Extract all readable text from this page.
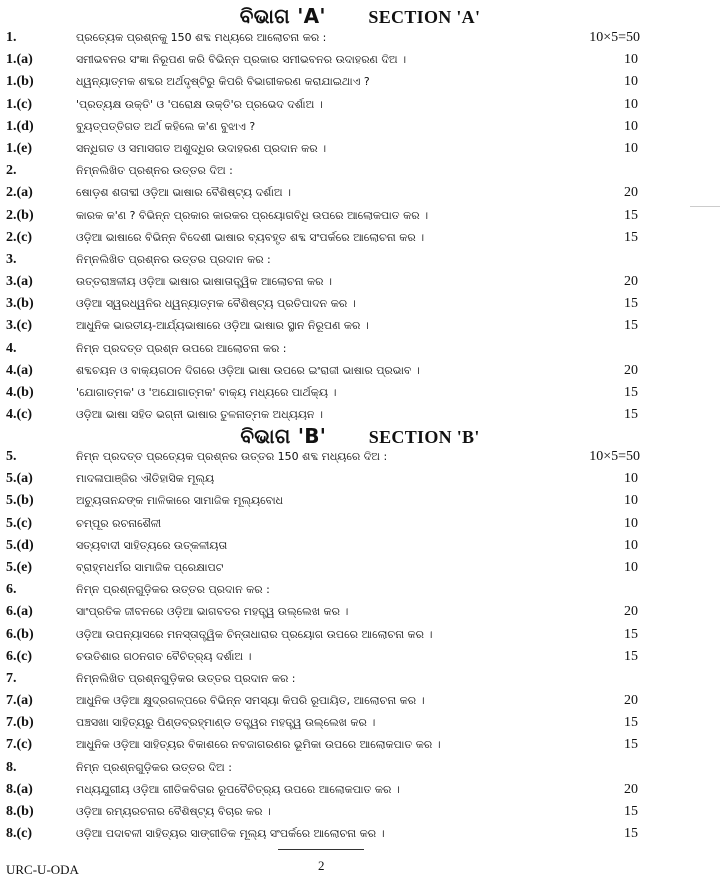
ବିଭାଗ 'A' SECTION 'A'
1.	ପ୍ରତ୍ୟେକ ପ୍ରଶ୍ନକୁ 150 ଶବ୍ଦ ମଧ୍ୟରେ ଆଲୋଚନା କର :	10×5=50
1.(a)	ସମୀଭବନର ସଂଜ୍ଞା ନିରୂପଣ କରି ବିଭିନ୍ନ ପ୍ରକାର ସମୀଭବନର ଉଦାହରଣ ଦିଅ ।	10
1.(b)	ଧ୍ୱନ୍ୟାତ୍ମକ ଶବ୍ଦର ଅର୍ଥଦୃଷ୍ଟିରୁ କିପରି ବିଭାଗୀକରଣ କରାଯାଇଥାଏ ?	10
1.(c)	'ପ୍ରତ୍ୟକ୍ଷ ଉକ୍ତି' ଓ 'ପରୋକ୍ଷ ଉକ୍ତି'ର ପ୍ରଭେଦ ଦର୍ଶାଅ ।	10
1.(d)	ବ୍ୟୁତ୍ପତ୍ତିଗତ ଅର୍ଥ କହିଲେ କ'ଣ ବୁଝାଏ ?	10
1.(e)	ସନ୍ଧିଗତ ଓ ସମାସଗତ ଅଶୁଦ୍ଧିର ଉଦାହରଣ ପ୍ରଦାନ କର ।	10
2.	ନିମ୍ନଲିଖିତ ପ୍ରଶ୍ନର ଉତ୍ତର ଦିଅ :
2.(a)	ଷୋଡ଼ଶ ଶତାବ୍ଦୀ ଓଡ଼ିଆ ଭାଷାର ବୈଶିଷ୍ଟ୍ୟ ଦର୍ଶାଅ ।	20
2.(b)	କାରକ କ'ଣ ? ବିଭିନ୍ନ ପ୍ରକାର କାରକର ପ୍ରୟୋଗବିଧି ଉପରେ ଆଲୋକପାତ କର ।	15
2.(c)	ଓଡ଼ିଆ ଭାଷାରେ ବିଭିନ୍ନ ବିଦେଶୀ ଭାଷାର ବ୍ୟବହୃତ ଶବ୍ଦ ସଂପର୍କରେ ଆଲୋଚନା କର ।	15
3.	ନିମ୍ନଲିଖିତ ପ୍ରଶ୍ନର ଉତ୍ତର ପ୍ରଦାନ କର :
3.(a)	ଉତ୍ତରାଞ୍ଚଳୀୟ ଓଡ଼ିଆ ଭାଷାର ଭାଷାତାତ୍ତ୍ୱିକ ଆଲୋଚନା କର ।	20
3.(b)	ଓଡ଼ିଆ ସ୍ୱରଧ୍ୱନିର ଧ୍ୱନ୍ୟାତ୍ମକ ବୈଶିଷ୍ଟ୍ୟ ପ୍ରତିପାଦନ କର ।	15
3.(c)	ଆଧୁନିକ ଭାରତୀୟ-ଆର୍ଯ୍ୟଭାଷାରେ ଓଡ଼ିଆ ଭାଷାର ସ୍ଥାନ ନିରୂପଣ କର ।	15
4.	ନିମ୍ନ ପ୍ରଦତ୍ତ ପ୍ରଶ୍ନ ଉପରେ ଆଲୋଚନା କର :
4.(a)	ଶବ୍ଦଚୟନ ଓ ବାକ୍ୟଗଠନ ଦିଗରେ ଓଡ଼ିଆ ଭାଷା ଉପରେ ଇଂରାଜୀ ଭାଷାର ପ୍ରଭାବ ।	20
4.(b)	'ଯୋଗାତ୍ମକ' ଓ 'ଅଯୋଗାତ୍ମକ' ବାକ୍ୟ ମଧ୍ୟରେ ପାର୍ଥକ୍ୟ ।	15
4.(c)	ଓଡ଼ିଆ ଭାଷା ସହିତ ଭଗ୍ନୀ ଭାଷାର ତୁଳନାତ୍ମକ ଅଧ୍ୟୟନ ।	15
ବିଭାଗ 'B' SECTION 'B'
5.	ନିମ୍ନ ପ୍ରଦତ୍ତ ପ୍ରତ୍ୟେକ ପ୍ରଶ୍ନର ଉତ୍ତର 150 ଶବ୍ଦ ମଧ୍ୟରେ ଦିଅ :	10×5=50
5.(a)	ମାଦଳାପାଞ୍ଜିର ଐତିହାସିକ ମୂଲ୍ୟ	10
5.(b)	ଅଚ୍ୟୁତାନନ୍ଦଙ୍କ ମାଳିକାରେ ସାମାଜିକ ମୂଲ୍ୟବୋଧ	10
5.(c)	ଚମ୍ପୂର ରଚନାଶୈଳୀ	10
5.(d)	ସତ୍ୟବାଦୀ ସାହିତ୍ୟରେ ଉତ୍କଳୀୟତା	10
5.(e)	ବ୍ରାହ୍ମଧର୍ମର ସାମାଜିକ ପ୍ରେକ୍ଷାପଟ	10
6.	ନିମ୍ନ ପ୍ରଶ୍ନଗୁଡ଼ିକର ଉତ୍ତର ପ୍ରଦାନ କର :
6.(a)	ସାଂପ୍ରତିକ ଜୀବନରେ ଓଡ଼ିଆ ଭାଗବତର ମହତ୍ତ୍ୱ ଉଲ୍ଲେଖ କର ।	20
6.(b)	ଓଡ଼ିଆ ଉପନ୍ୟାସରେ ମନସ୍ତାତ୍ତ୍ୱିକ ଚିନ୍ତାଧାରାର ପ୍ରୟୋଗ ଉପରେ ଆଲୋଚନା କର ।	15
6.(c)	ଚଉତିଶାର ଗଠନଗତ ବୈଚିତ୍ର୍ୟ ଦର୍ଶାଅ ।	15
7.	ନିମ୍ନଲିଖିତ ପ୍ରଶ୍ନଗୁଡ଼ିକର ଉତ୍ତର ପ୍ରଦାନ କର :
7.(a)	ଆଧୁନିକ ଓଡ଼ିଆ କ୍ଷୁଦ୍ରଗଳ୍ପରେ ବିଭିନ୍ନ ସମସ୍ୟା କିପରି ରୂପାୟିତ, ଆଲୋଚନା କର ।	20
7.(b)	ପଞ୍ଚସଖା ସାହିତ୍ୟରୁ ପିଣ୍ଡବ୍ରହ୍ମାଣ୍ଡ ତତ୍ତ୍ୱର ମହତ୍ତ୍ୱ ଉଲ୍ଲେଖ କର ।	15
7.(c)	ଆଧୁନିକ ଓଡ଼ିଆ ସାହିତ୍ୟର ବିକାଶରେ ନବଜାଗରଣର ଭୂମିକା ଉପରେ ଆଲୋକପାତ କର ।	15
8.	ନିମ୍ନ ପ୍ରଶ୍ନଗୁଡ଼ିକର ଉତ୍ତର ଦିଅ :
8.(a)	ମଧ୍ୟଯୁଗୀୟ ଓଡ଼ିଆ ଗୀତିକବିତାର ରୂପବୈଚିତ୍ର୍ୟ ଉପରେ ଆଲୋକପାତ କର ।	20
8.(b)	ଓଡ଼ିଆ ରମ୍ୟରଚନାର ବୈଶିଷ୍ଟ୍ୟ ବିଚାର କର ।	15
8.(c)	ଓଡ଼ିଆ ପଦାବଳୀ ସାହିତ୍ୟର ସାଙ୍ଗୀତିକ ମୂଲ୍ୟ ସଂପର୍କରେ ଆଲୋଚନା କର ।	15
URC-U-ODA	2
